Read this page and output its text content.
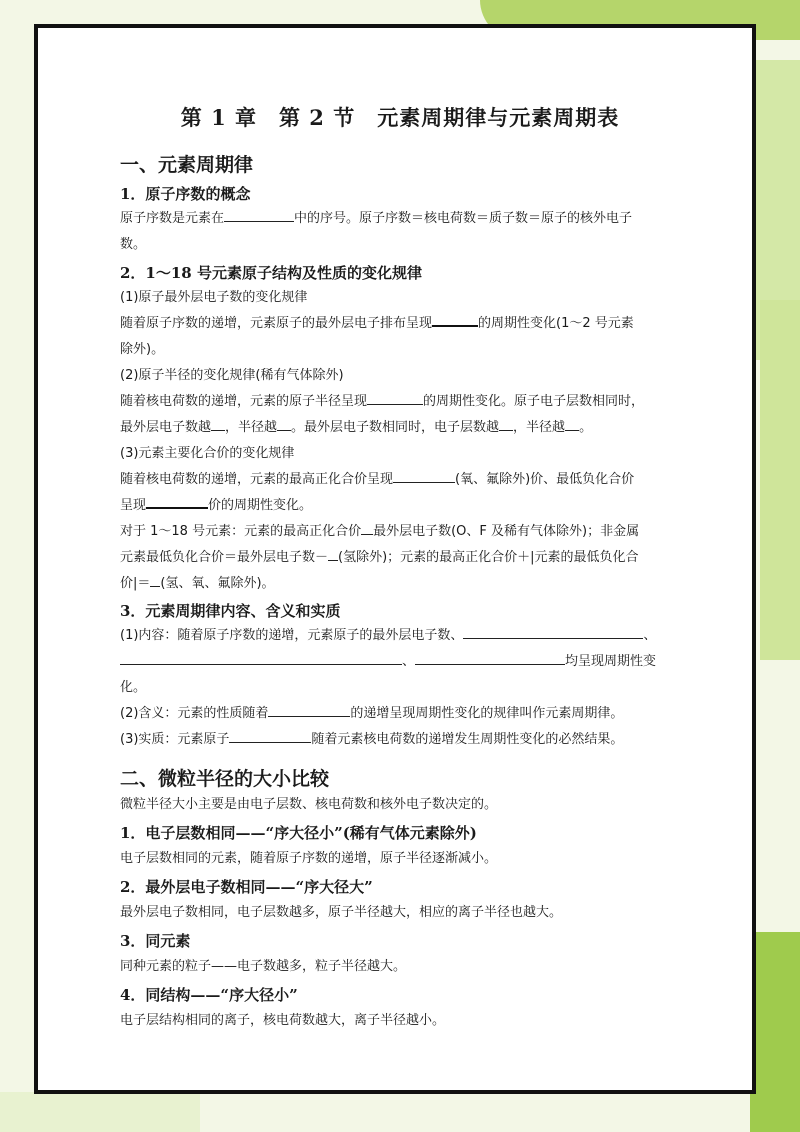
第 1 章　第 2 节　元素周期律与元素周期表
一、元素周期律
1．原子序数的概念
原子序数是元素在	中的序号。原子序数＝核电荷数＝质子数＝原子的核外电子
数。
2．1～18 号元素原子结构及性质的变化规律
(1)原子最外层电子数的变化规律
随着原子序数的递增，元素原子的最外层电子排布呈现	的周期性变化(1～2 号元素
除外)。
(2)原子半径的变化规律(稀有气体除外)
随着核电荷数的递增，元素的原子半径呈现	的周期性变化。原子电子层数相同时，
最外层电子数越 ，半径越 。最外层电子数相同时，电子层数越 ，半径越 。
(3)元素主要化合价的变化规律
随着核电荷数的递增，元素的最高正化合价呈现	(氧、氟除外)价、最低负化合价
呈现	价的周期性变化。
对于 1～18 号元素：元素的最高正化合价 最外层电子数(O、F 及稀有气体除外)；非金属
元素最低负化合价＝最外层电子数－ (氢除外)；元素的最高正化合价＋|元素的最低负化合
价|＝ (氢、氧、氟除外)。
3．元素周期律内容、含义和实质
(1)内容：随着原子序数的递增，元素原子的最外层电子数、	、
、	均呈现周期性变
化。
(2)含义：元素的性质随着	的递增呈现周期性变化的规律叫作元素周期律。
(3)实质：元素原子	随着元素核电荷数的递增发生周期性变化的必然结果。
二、微粒半径的大小比较
微粒半径大小主要是由电子层数、核电荷数和核外电子数决定的。
1．电子层数相同——“序大径小”(稀有气体元素除外)
电子层数相同的元素，随着原子序数的递增，原子半径逐渐减小。
2．最外层电子数相同——“序大径大”
最外层电子数相同，电子层数越多，原子半径越大，相应的离子半径也越大。
3．同元素
同种元素的粒子——电子数越多，粒子半径越大。
4．同结构——“序大径小”
电子层结构相同的离子，核电荷数越大，离子半径越小。
